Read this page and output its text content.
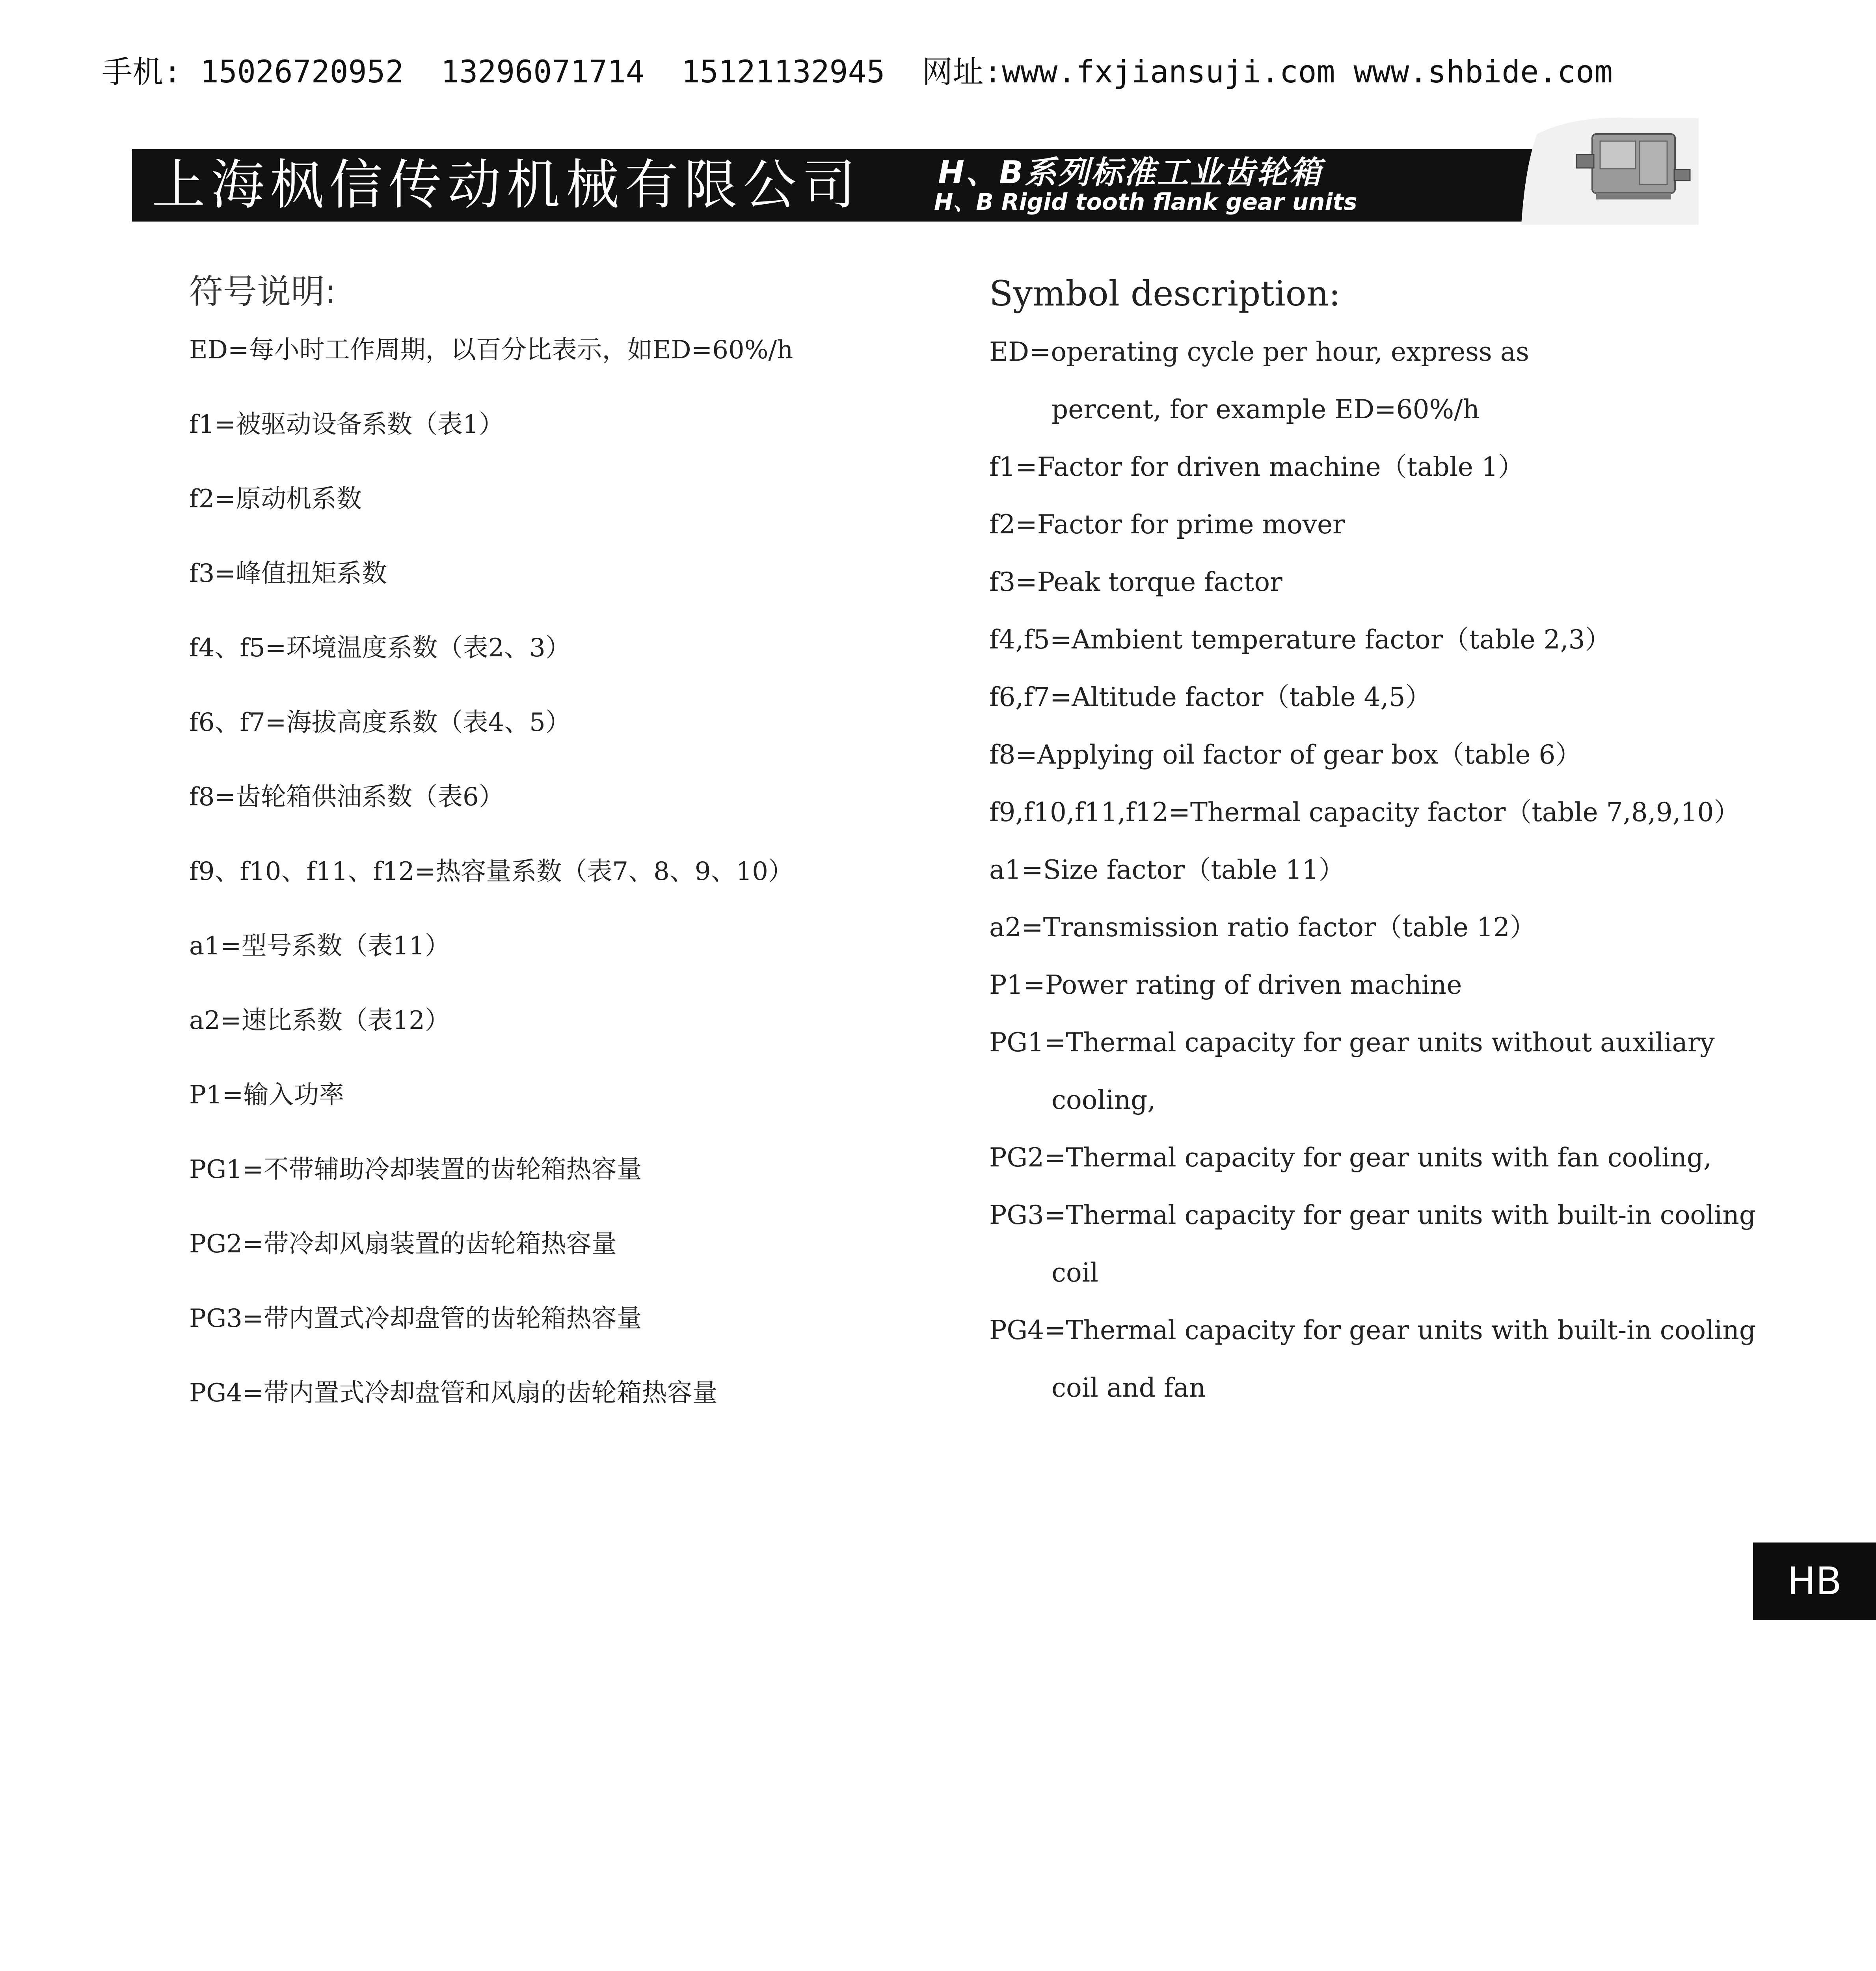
手机: 15026720952  13296071714  15121132945  网址:www.fxjiansuji.com www.shbide.com
上海枫信传动机械有限公司 H、B系列标准工业齿轮箱
H、B Rigid tooth flank gear units
符号说明:
ED=每小时工作周期，以百分比表示，如ED=60%/h
f1=被驱动设备系数（表1）
f2=原动机系数
f3=峰值扭矩系数
f4、f5=环境温度系数（表2、3）
f6、f7=海拔高度系数（表4、5）
f8=齿轮箱供油系数（表6）
f9、f10、f11、f12=热容量系数（表7、8、9、10）
a1=型号系数（表11）
a2=速比系数（表12）
P1=输入功率
PG1=不带辅助冷却装置的齿轮箱热容量
PG2=带冷却风扇装置的齿轮箱热容量
PG3=带内置式冷却盘管的齿轮箱热容量
PG4=带内置式冷却盘管和风扇的齿轮箱热容量
Symbol description:
ED=operating cycle per hour, express as
percent, for example ED=60%/h
f1=Factor for driven machine（table 1）
f2=Factor for prime mover
f3=Peak torque factor
f4,f5=Ambient temperature factor（table 2,3）
f6,f7=Altitude factor（table 4,5）
f8=Applying oil factor of gear box（table 6）
f9,f10,f11,f12=Thermal capacity factor（table 7,8,9,10）
a1=Size factor（table 11）
a2=Transmission ratio factor（table 12）
P1=Power rating of driven machine
PG1=Thermal capacity for gear units without auxiliary
cooling,
PG2=Thermal capacity for gear units with fan cooling,
PG3=Thermal capacity for gear units with built-in cooling
coil
PG4=Thermal capacity for gear units with built-in cooling
coil and fan
HB
